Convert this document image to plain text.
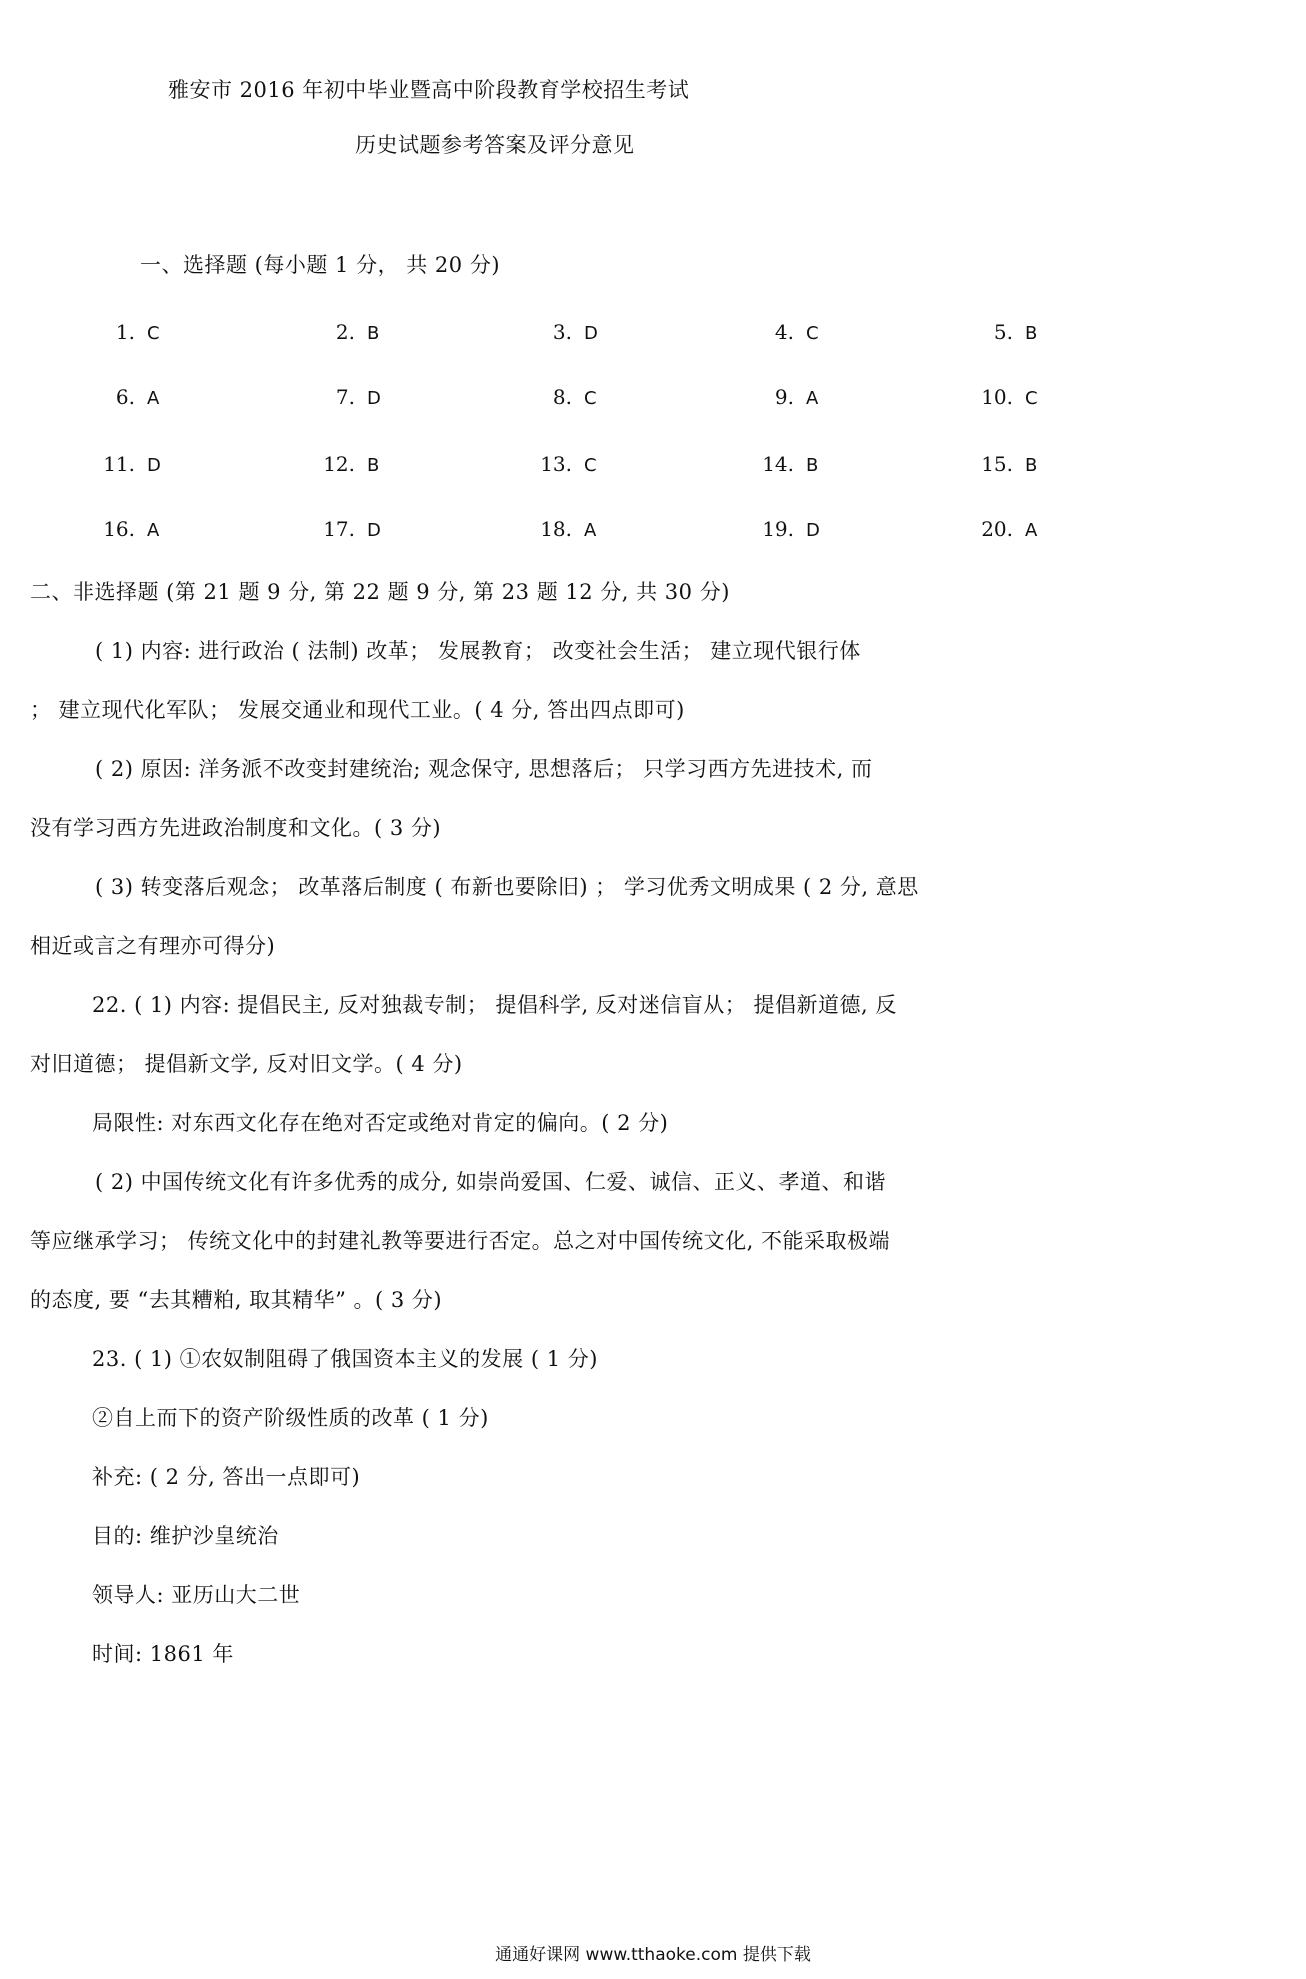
雅安市 2016 年初中毕业暨高中阶段教育学校招生考试
历史试题参考答案及评分意见
一、选择题 (每小题 1 分， 共 20 分)
1. C	2. B	3. D	4. C	5. B
6. A	7. D	8. C	9. A	10. C
11. D	12. B	13. C	14. B	15. B
16. A	17. D	18. A	19. D	20. A
二、非选择题 (第 21 题 9 分, 第 22 题 9 分, 第 23 题 12 分, 共 30 分)
( 1) 内容: 进行政治 ( 法制) 改革； 发展教育； 改变社会生活； 建立现代银行体
； 建立现代化军队； 发展交通业和现代工业。( 4 分, 答出四点即可)
( 2) 原因: 洋务派不改变封建统治; 观念保守, 思想落后； 只学习西方先进技术, 而
没有学习西方先进政治制度和文化。( 3 分)
( 3) 转变落后观念； 改革落后制度 ( 布新也要除旧) ； 学习优秀文明成果 ( 2 分, 意思
相近或言之有理亦可得分)
22. ( 1) 内容: 提倡民主, 反对独裁专制； 提倡科学, 反对迷信盲从； 提倡新道德, 反
对旧道德； 提倡新文学, 反对旧文学。( 4 分)
局限性: 对东西文化存在绝对否定或绝对肯定的偏向。( 2 分)
( 2) 中国传统文化有许多优秀的成分, 如崇尚爱国、仁爱、诚信、正义、孝道、和谐
等应继承学习； 传统文化中的封建礼教等要进行否定。总之对中国传统文化, 不能采取极端
的态度, 要 “去其糟粕, 取其精华” 。( 3 分)
23. ( 1) ①农奴制阻碍了俄国资本主义的发展 ( 1 分)
②自上而下的资产阶级性质的改革 ( 1 分)
补充: ( 2 分, 答出一点即可)
目的: 维护沙皇统治
领导人: 亚历山大二世
时间: 1861 年
通通好课网 www.tthaoke.com 提供下载
